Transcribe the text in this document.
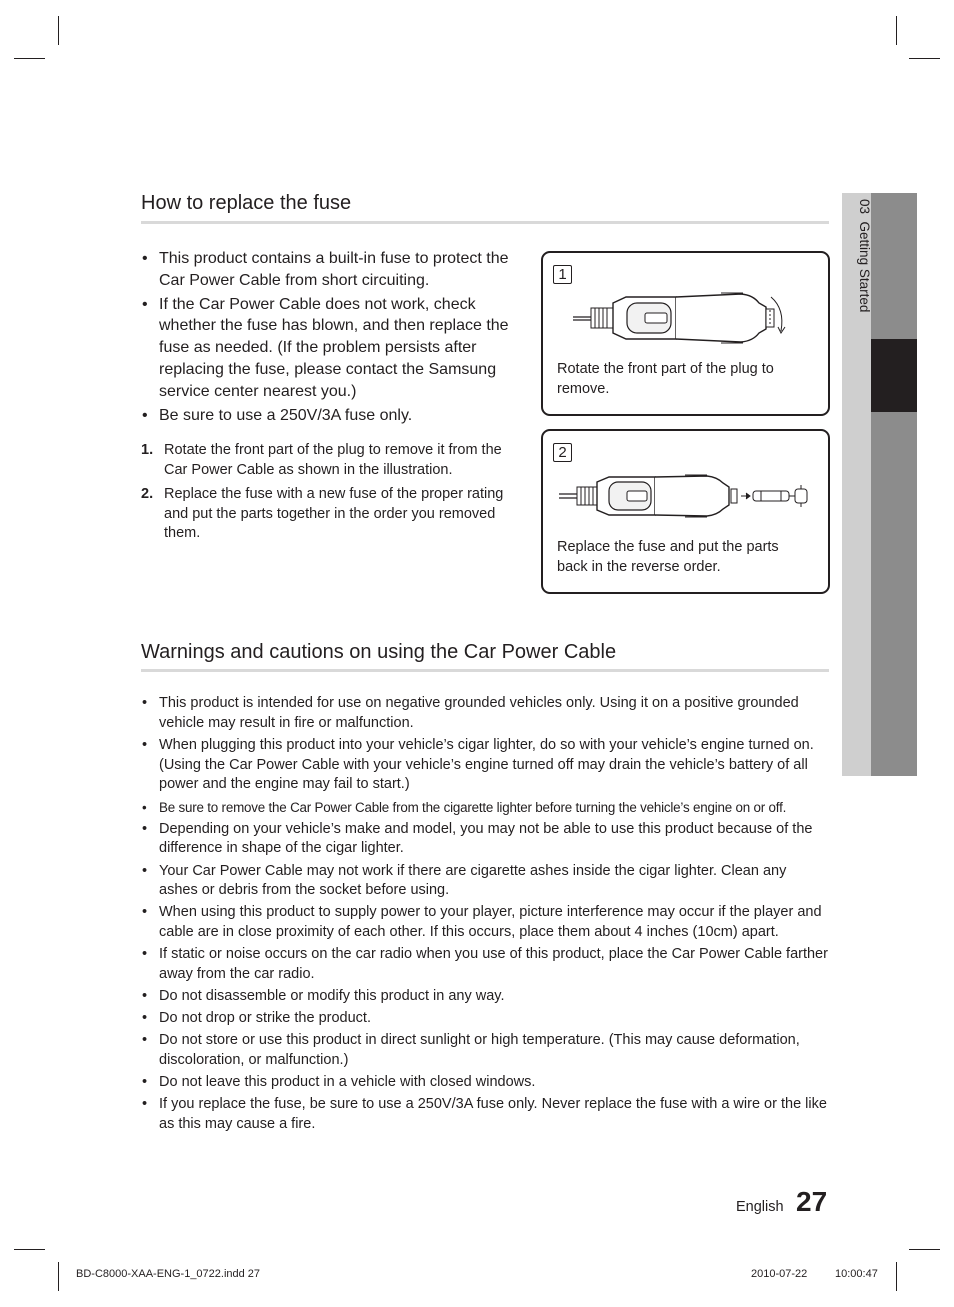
03  Getting Started
How to replace the fuse
• This product contains a built-in fuse to protect the Car Power Cable from short circuiting.
• If the Car Power Cable does not work, check whether the fuse has blown, and then replace the fuse as needed. (If the problem persists after replacing the fuse, please contact the Samsung service center nearest you.)
• Be sure to use a 250V/3A fuse only.
1. Rotate the front part of the plug to remove it from the Car Power Cable as shown in the illustration.
2. Replace the fuse with a new fuse of the proper rating and put the parts together in the order you removed them.
1
Rotate the front part of the plug to remove.
2
Replace the fuse and put the parts back in the reverse order.
Warnings and cautions on using the Car Power Cable
• This product is intended for use on negative grounded vehicles only. Using it on a positive grounded vehicle may result in fire or malfunction.
• When plugging this product into your vehicle’s cigar lighter, do so with your vehicle’s engine turned on. (Using the Car Power Cable with your vehicle’s engine turned off may drain the vehicle’s battery of all power and the engine may fail to start.)
• Be sure to remove the Car Power Cable from the cigarette lighter before turning the vehicle’s engine on or off.
• Depending on your vehicle’s make and model, you may not be able to use this product because of the difference in shape of the cigar lighter.
• Your Car Power Cable may not work if there are cigarette ashes inside the cigar lighter. Clean any ashes or debris from the socket before using.
• When using this product to supply power to your player, picture interference may occur if the player and cable are in close proximity of each other. If this occurs, place them about 4 inches (10cm) apart.
• If static or noise occurs on the car radio when you use of this product, place the Car Power Cable farther away from the car radio.
• Do not disassemble or modify this product in any way.
• Do not drop or strike the product.
• Do not store or use this product in direct sunlight or high temperature. (This may cause deformation, discoloration, or malfunction.)
• Do not leave this product in a vehicle with closed windows.
• If you replace the fuse, be sure to use a 250V/3A fuse only. Never replace the fuse with a wire or the like as this may cause a fire.
English 27
BD-C8000-XAA-ENG-1_0722.indd 27	2010-07-22	10:00:47
